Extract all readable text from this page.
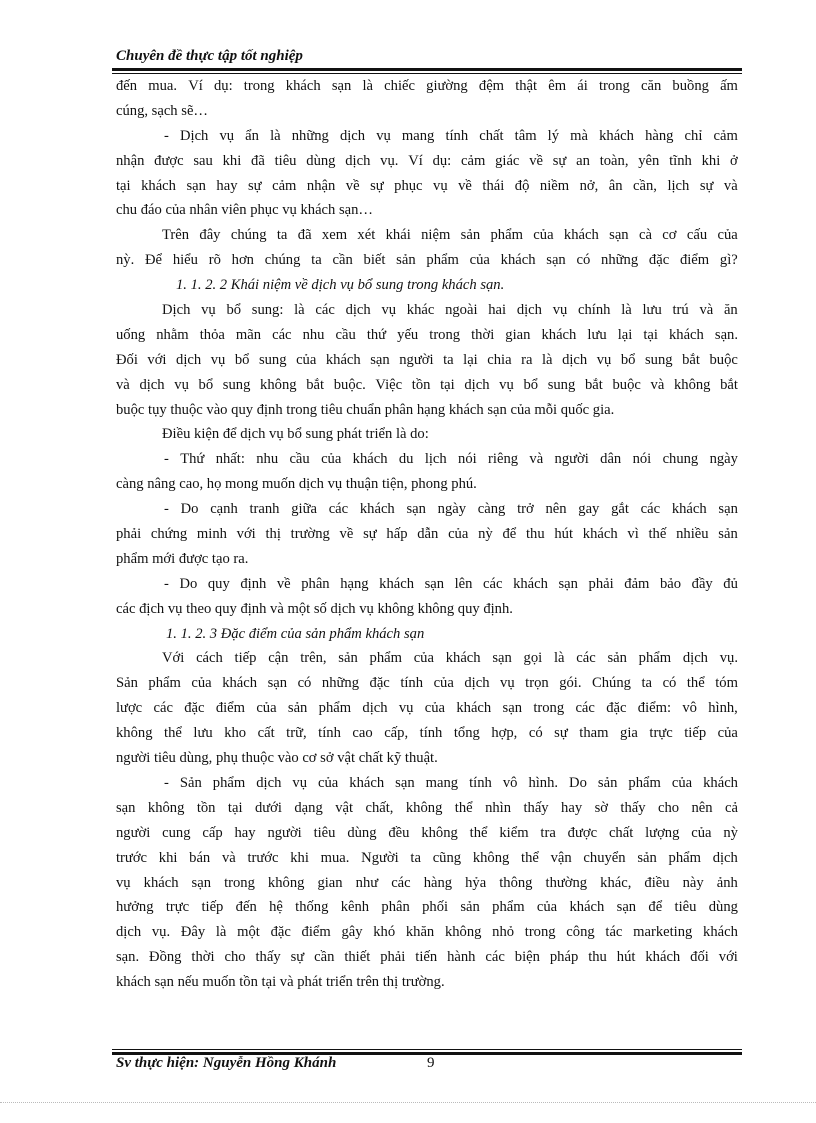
Chuyên đề thực tập tốt nghiệp
đến mua. Ví dụ: trong khách sạn là chiếc giường đệm thật êm ái trong căn buồng ấm
cúng, sạch sẽ…
- Dịch vụ ẩn là những dịch vụ mang tính chất tâm lý mà khách hàng chỉ cảm
nhận được sau khi đã tiêu dùng dịch vụ. Ví dụ: cảm giác về sự an toàn, yên tĩnh khi ở
tại khách sạn hay sự cảm nhận về sự phục vụ về thái độ niềm nở, ân cần, lịch sự và
chu đáo của nhân viên phục vụ khách sạn…
Trên đây chúng ta đã xem xét khái niệm sản phẩm của khách sạn cà cơ cấu của
nỳ. Để hiểu rõ hơn chúng ta cần biết sản phẩm của khách sạn có những đặc điểm gì?
1. 1. 2. 2 Khái niệm về dịch vụ bổ sung trong khách sạn.
Dịch vụ bổ sung: là các dịch vụ khác ngoài hai dịch vụ chính là lưu trú và ăn
uống nhằm thỏa mãn các nhu cầu thứ yếu trong thời gian khách lưu lại tại khách sạn.
Đối với dịch vụ bổ sung của khách sạn người ta lại chia ra là dịch vụ bổ sung bắt buộc
và dịch vụ bổ sung không bắt buộc. Việc tồn tại dịch vụ bổ sung bắt buộc và không bắt
buộc tụy thuộc vào quy định trong tiêu chuẩn phân hạng khách sạn của mỗi quốc gia.
Điều kiện để dịch vụ bổ sung phát triển là do:
- Thứ nhất: nhu cầu của khách du lịch nói riêng và người dân nói chung ngày
càng nâng cao, họ mong muốn dịch vụ thuận tiện, phong phú.
- Do cạnh tranh giữa các khách sạn ngày càng trở nên gay gắt các khách sạn
phải chứng minh với thị trường về sự hấp dẫn của nỳ để thu hút khách vì thế nhiều sản
phẩm mới được tạo ra.
- Do quy định về phân hạng khách sạn lên các khách sạn phải đảm bảo đầy đủ
các địch vụ theo quy định và một số dịch vụ không không quy định.
1. 1. 2. 3 Đặc điểm của sản phẩm khách sạn
Với cách tiếp cận trên, sản phẩm của khách sạn gọi là các sản phẩm dịch vụ.
Sản phẩm của khách sạn có những đặc tính của dịch vụ trọn gói. Chúng ta có thể tóm
lược các đặc điểm của sản phẩm dịch vụ của khách sạn trong các đặc điểm: vô hình,
không thể lưu kho cất trữ, tính cao cấp, tính tổng hợp, có sự tham gia trực tiếp của
người tiêu dùng, phụ thuộc vào cơ sở vật chất kỹ thuật.
- Sản phẩm dịch vụ của khách sạn mang tính vô hình. Do sản phẩm của khách
sạn không tồn tại dưới dạng vật chất, không thể nhìn thấy hay sờ thấy cho nên cả
người cung cấp hay người tiêu dùng đều không thể kiểm tra được chất lượng của nỳ
trước khi bán và trước khi mua. Người ta cũng không thể vận chuyển sản phẩm dịch
vụ khách sạn trong không gian như các hàng hỷa thông thường khác, điều này ảnh
hưởng trực tiếp đến hệ thống kênh phân phối sản phẩm của khách sạn để tiêu dùng
dịch vụ. Đây là một đặc điểm gây khó khăn không nhỏ trong công tác marketing khách
sạn. Đồng thời cho thấy sự cần thiết phải tiến hành các biện pháp thu hút khách đối với
khách sạn nếu muốn tồn tại và phát triển trên thị trường.
Sv thực hiện: Nguyễn Hồng Khánh	9
